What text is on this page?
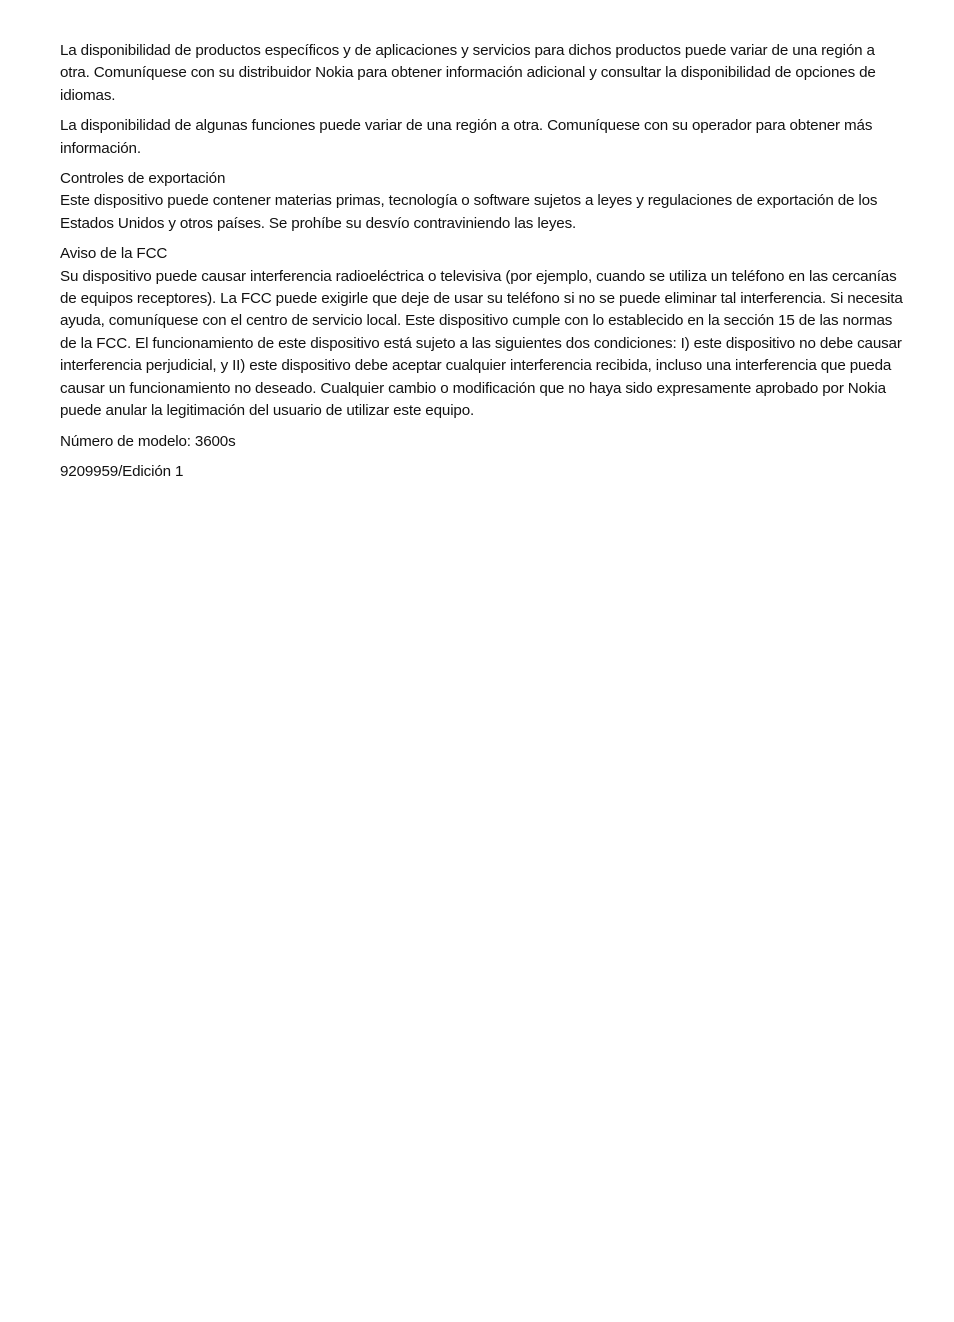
La disponibilidad de productos específicos y de aplicaciones y servicios para dichos productos puede variar de una región a otra. Comuníquese con su distribuidor Nokia para obtener información adicional y consultar la disponibilidad de opciones de idiomas.

La disponibilidad de algunas funciones puede variar de una región a otra. Comuníquese con su operador para obtener más información.

Controles de exportación
Este dispositivo puede contener materias primas, tecnología o software sujetos a leyes y regulaciones de exportación de los Estados Unidos y otros países. Se prohíbe su desvío contraviniendo las leyes.
Aviso de la FCC
Su dispositivo puede causar interferencia radioeléctrica o televisiva (por ejemplo, cuando se utiliza un teléfono en las cercanías de equipos receptores). La FCC puede exigirle que deje de usar su teléfono si no se puede eliminar tal interferencia. Si necesita ayuda, comuníquese con el centro de servicio local. Este dispositivo cumple con lo establecido en la sección 15 de las normas de la FCC. El funcionamiento de este dispositivo está sujeto a las siguientes dos condiciones: I) este dispositivo no debe causar interferencia perjudicial, y II) este dispositivo debe aceptar cualquier interferencia recibida, incluso una interferencia que pueda causar un funcionamiento no deseado. Cualquier cambio o modificación que no haya sido expresamente aprobado por Nokia puede anular la legitimación del usuario de utilizar este equipo.

Número de modelo: 3600s

9209959/Edición 1
